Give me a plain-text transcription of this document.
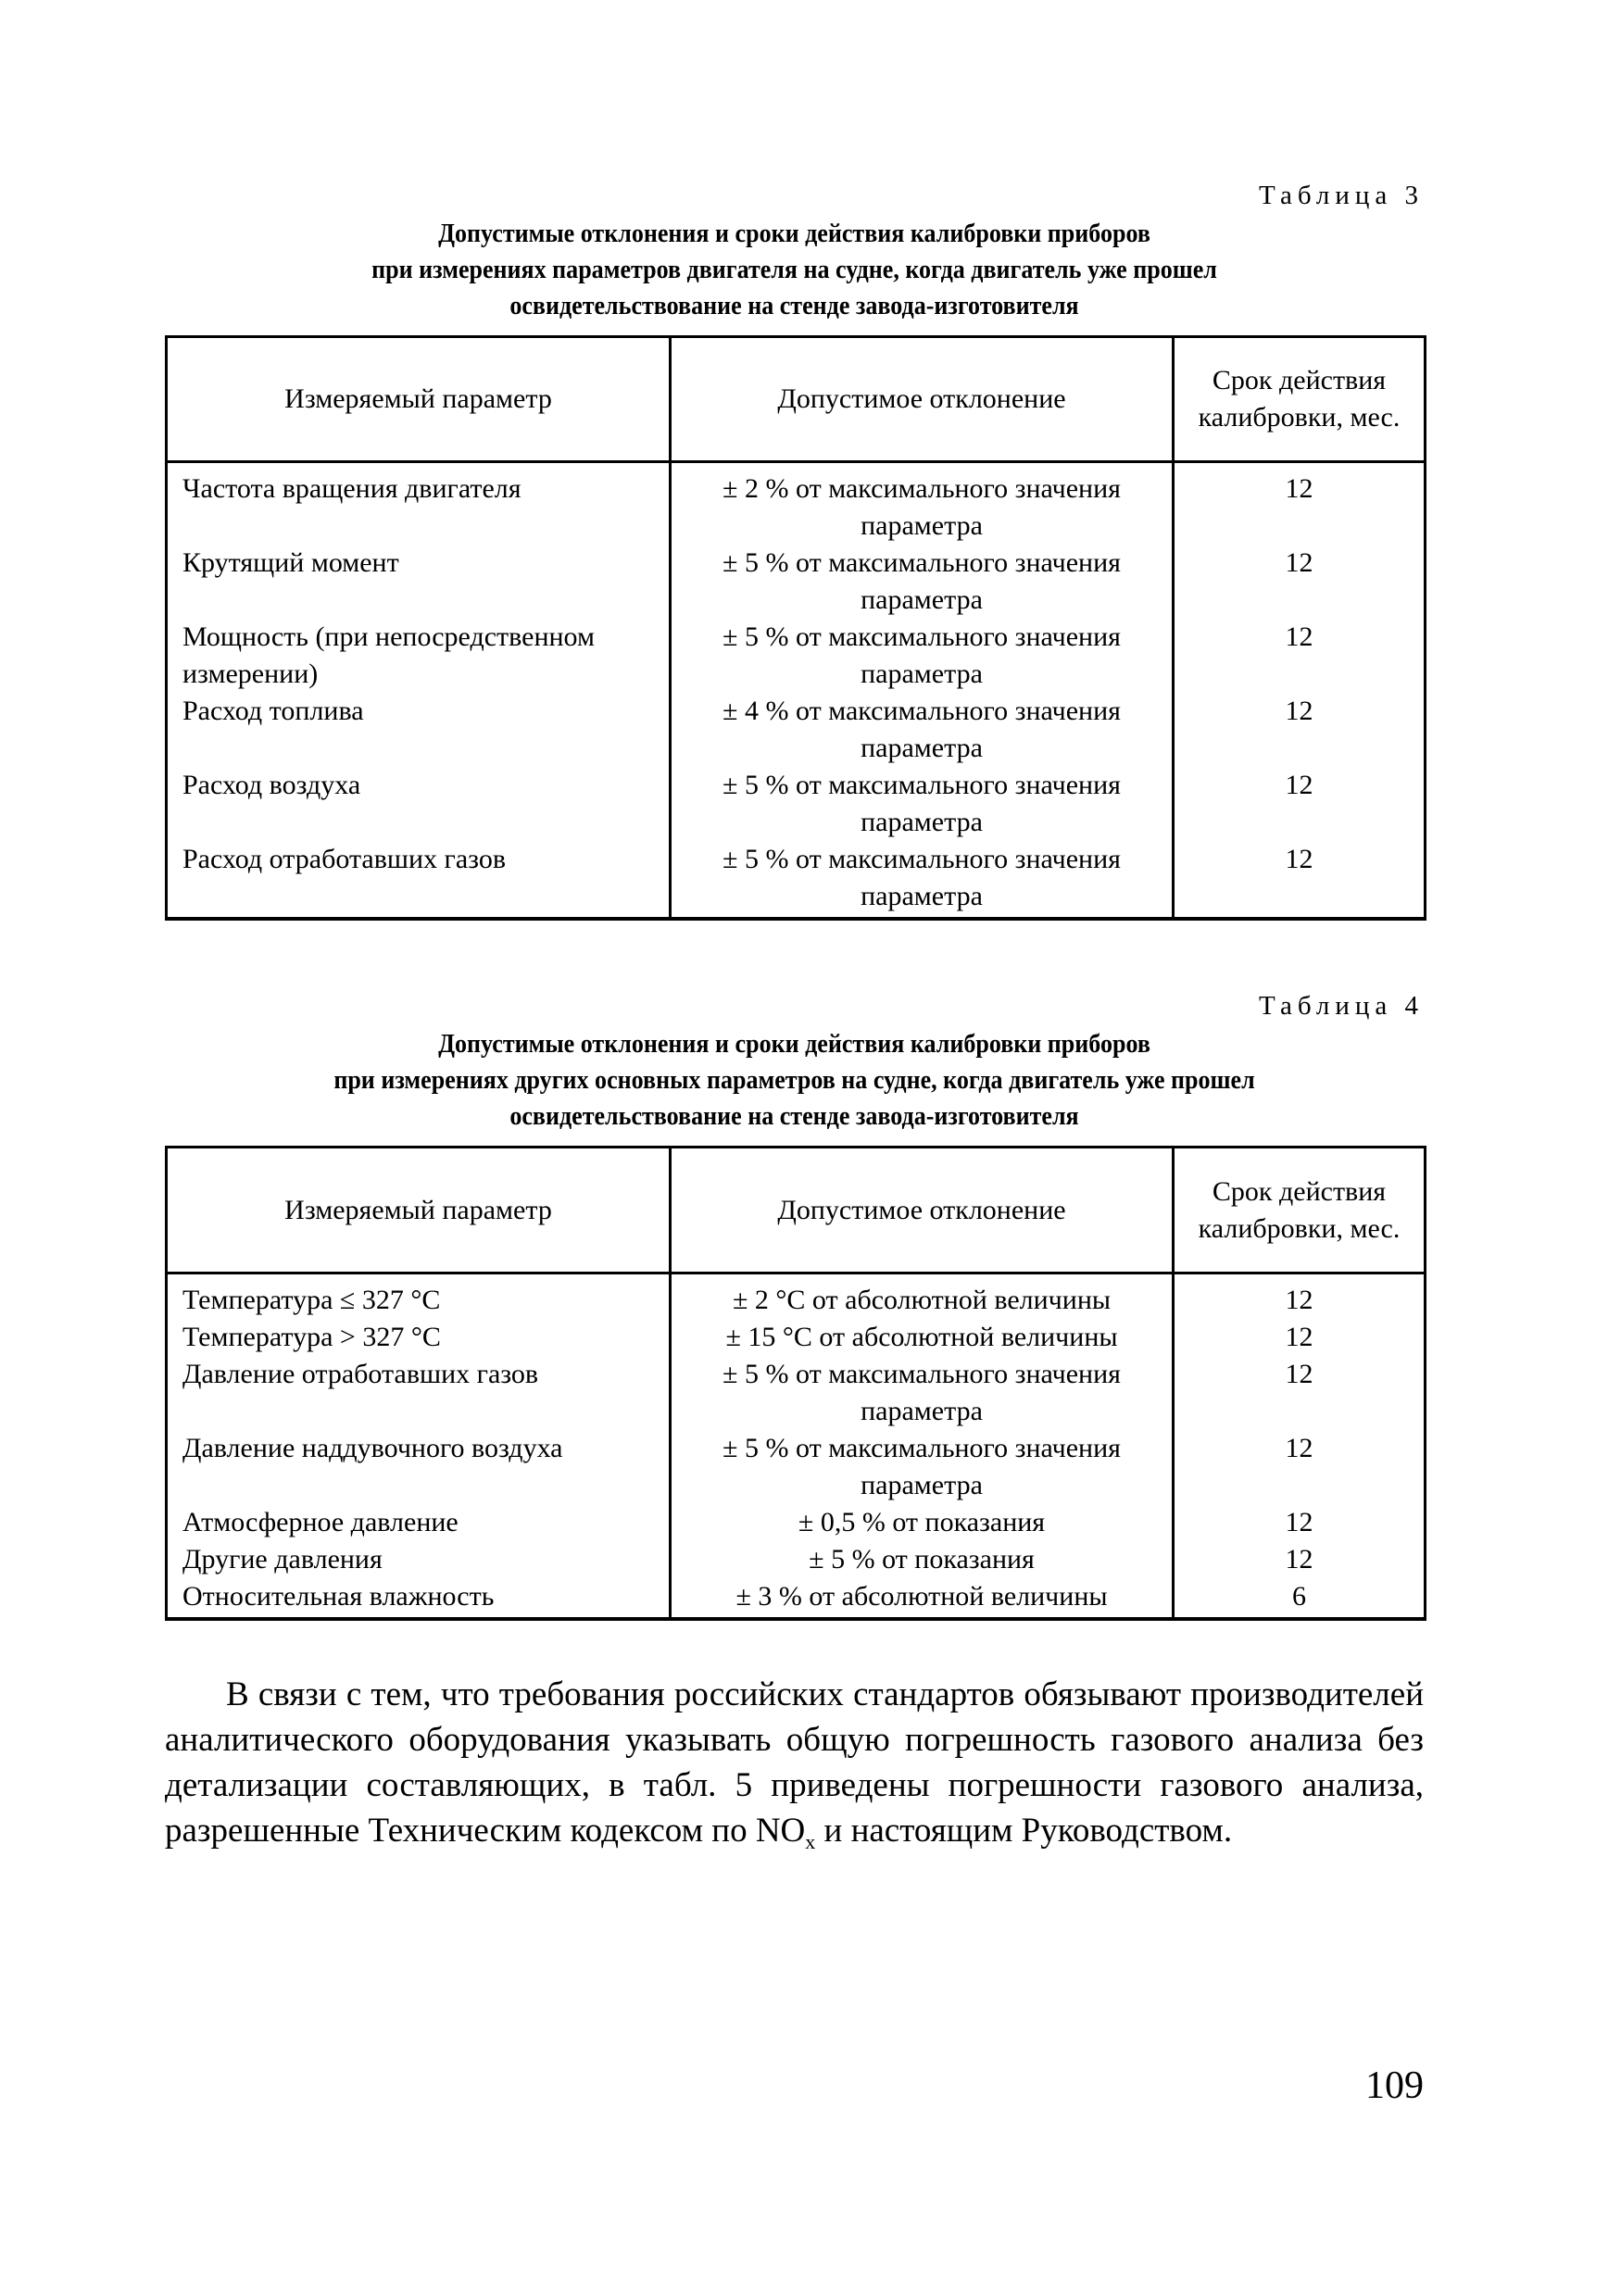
Таблица 3
Допустимые отклонения и сроки действия калибровки приборов
при измерениях параметров двигателя на судне, когда двигатель уже прошел
освидетельствование на стенде завода-изготовителя
Измеряемый параметр	Допустимое отклонение	Срок действия калибровки, мес.
Частота вращения двигателя	± 2 % от максимального значения параметра	12
Крутящий момент	± 5 % от максимального значения параметра	12
Мощность (при непосредственном измерении)	± 5 % от максимального значения параметра	12
Расход топлива	± 4 % от максимального значения параметра	12
Расход воздуха	± 5 % от максимального значения параметра	12
Расход отработавших газов	± 5 % от максимального значения параметра	12
Таблица 4
Допустимые отклонения и сроки действия калибровки приборов
при измерениях других основных параметров на судне, когда двигатель уже прошел
освидетельствование на стенде завода-изготовителя
Измеряемый параметр	Допустимое отклонение	Срок действия калибровки, мес.
Температура ≤ 327 °C	± 2 °C от абсолютной величины	12
Температура > 327 °C	± 15 °C от абсолютной величины	12
Давление отработавших газов	± 5 % от максимального значения параметра	12
Давление наддувочного воздуха	± 5 % от максимального значения параметра	12
Атмосферное давление	± 0,5 % от показания	12
Другие давления	± 5 % от показания	12
Относительная влажность	± 3 % от абсолютной величины	6

В связи с тем, что требования российских стандартов обязывают производителей аналитического оборудования указывать общую погрешность газового анализа без детализации составляющих, в табл. 5 приведены погрешности газового анализа, разрешенные Техническим кодексом по $NO_x$ и настоящим Руководством.

109
